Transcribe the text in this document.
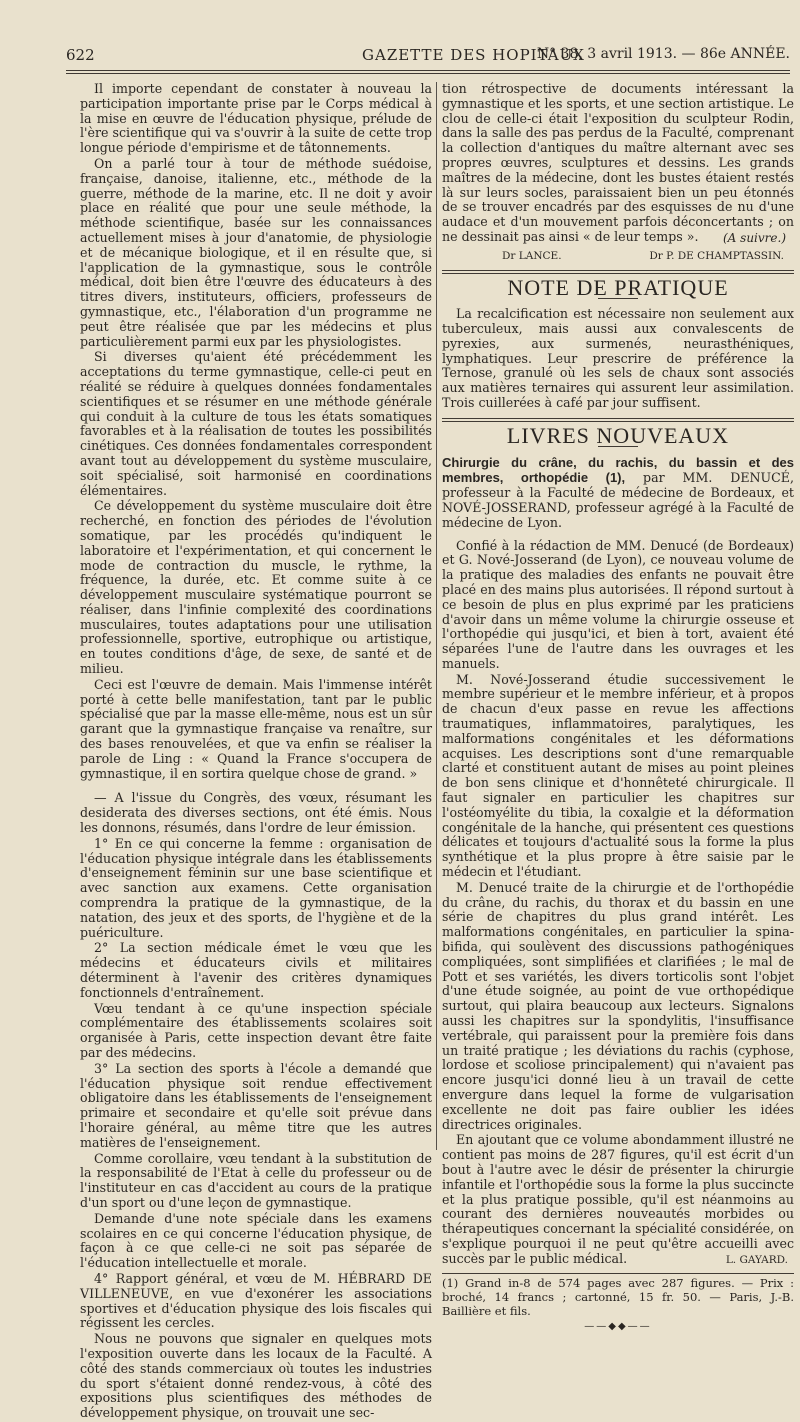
622	GAZETTE DES HOPITAUX
N° 38, 3 avril 1913. — 86e ANNÉE.

Il importe cependant de constater à nouveau la participation importante prise par le Corps médical à la mise en œuvre de l'éducation physique, prélude de l'ère scientifique qui va s'ouvrir à la suite de cette trop longue période d'empirisme et de tâtonnements.

On a parlé tour à tour de méthode suédoise, française, danoise, italienne, etc., méthode de la guerre, méthode de la marine, etc. Il ne doit y avoir place en réalité que pour une seule méthode, la méthode scientifique, basée sur les connaissances actuellement mises à jour d'anatomie, de physiologie et de mécanique biologique, et il en résulte que, si l'application de la gymnastique, sous le contrôle médical, doit bien être l'œuvre des éducateurs à des titres divers, instituteurs, officiers, professeurs de gymnastique, etc., l'élaboration d'un programme ne peut être réalisée que par les médecins et plus particulièrement parmi eux par les physiologistes.

Si diverses qu'aient été précédemment les acceptations du terme gymnastique, celle-ci peut en réalité se réduire à quelques données fondamentales scientifiques et se résumer en une méthode générale qui conduit à la culture de tous les états somatiques favorables et à la réalisation de toutes les possibilités cinétiques. Ces données fondamentales correspondent avant tout au développement du système musculaire, soit spécialisé, soit harmonisé en coordinations élémentaires.

Ce développement du système musculaire doit être recherché, en fonction des périodes de l'évolution somatique, par les procédés qu'indiquent le laboratoire et l'expérimentation, et qui concernent le mode de contraction du muscle, le rythme, la fréquence, la durée, etc. Et comme suite à ce développement musculaire systématique pourront se réaliser, dans l'infinie complexité des coordinations musculaires, toutes adaptations pour une utilisation professionnelle, sportive, eutrophique ou artistique, en toutes conditions d'âge, de sexe, de santé et de milieu.

Ceci est l'œuvre de demain. Mais l'immense intérêt porté à cette belle manifestation, tant par le public spécialisé que par la masse elle-même, nous est un sûr garant que la gymnastique française va renaître, sur des bases renouvelées, et que va enfin se réaliser la parole de Ling : « Quand la France s'occupera de gymnastique, il en sortira quelque chose de grand. »

— A l'issue du Congrès, des vœux, résumant les desiderata des diverses sections, ont été émis. Nous les donnons, résumés, dans l'ordre de leur émission.

1° En ce qui concerne la femme : organisation de l'éducation physique intégrale dans les établissements d'enseignement féminin sur une base scientifique et avec sanction aux examens. Cette organisation comprendra la pratique de la gymnastique, de la natation, des jeux et des sports, de l'hygiène et de la puériculture.

2° La section médicale émet le vœu que les médecins et éducateurs civils et militaires déterminent à l'avenir des critères dynamiques fonctionnels d'entraînement.

Vœu tendant à ce qu'une inspection spéciale complémentaire des établissements scolaires soit organisée à Paris, cette inspection devant être faite par des médecins.

3° La section des sports à l'école a demandé que l'éducation physique soit rendue effectivement obligatoire dans les établissements de l'enseignement primaire et secondaire et qu'elle soit prévue dans l'horaire général, au même titre que les autres matières de l'enseignement.

Comme corollaire, vœu tendant à la substitution de la responsabilité de l'Etat à celle du professeur ou de l'instituteur en cas d'accident au cours de la pratique d'un sport ou d'une leçon de gymnastique.

Demande d'une note spéciale dans les examens scolaires en ce qui concerne l'éducation physique, de façon à ce que celle-ci ne soit pas séparée de l'éducation intellectuelle et morale.

4° Rapport général, et vœu de M. HÉBRARD DE VILLENEUVE, en vue d'exonérer les associations sportives et d'éducation physique des lois fiscales qui régissent les cercles.

Nous ne pouvons que signaler en quelques mots l'exposition ouverte dans les locaux de la Faculté. A côté des stands commerciaux où toutes les industries du sport s'étaient donné rendez-vous, à côté des expositions plus scientifiques des méthodes de développement physique, on trouvait une sec-

tion rétrospective de documents intéressant la gymnastique et les sports, et une section artistique. Le clou de celle-ci était l'exposition du sculpteur Rodin, dans la salle des pas perdus de la Faculté, comprenant la collection d'antiques du maître alternant avec ses propres œuvres, sculptures et dessins. Les grands maîtres de la médecine, dont les bustes étaient restés là sur leurs socles, paraissaient bien un peu étonnés de se trouver encadrés par des esquisses de nu d'une audace et d'un mouvement parfois déconcertants ; on ne dessinait pas ainsi « de leur temps ».	(A suivre.)
Dr LANCE.	Dr P. DE CHAMPTASSIN.
NOTE DE PRATIQUE

La recalcification est nécessaire non seulement aux tuberculeux, mais aussi aux convalescents de pyrexies, aux surmenés, neurasthéniques, lymphatiques. Leur prescrire de préférence la Ternose, granulé où les sels de chaux sont associés aux matières ternaires qui assurent leur assimilation. Trois cuillerées à café par jour suffisent.

LIVRES NOUVEAUX
Chirurgie du crâne, du rachis, du bassin et des membres, orthopédie (1), par MM. DENUCÉ, professeur à la Faculté de médecine de Bordeaux, et NOVÉ-JOSSERAND, professeur agrégé à la Faculté de médecine de Lyon.

Confié à la rédaction de MM. Denucé (de Bordeaux) et G. Nové-Josserand (de Lyon), ce nouveau volume de la pratique des maladies des enfants ne pouvait être placé en des mains plus autorisées. Il répond surtout à ce besoin de plus en plus exprimé par les praticiens d'avoir dans un même volume la chirurgie osseuse et l'orthopédie qui jusqu'ici, et bien à tort, avaient été séparées l'une de l'autre dans les ouvrages et les manuels.

M. Nové-Josserand étudie successivement le membre supérieur et le membre inférieur, et à propos de chacun d'eux passe en revue les affections traumatiques, inflammatoires, paralytiques, les malformations congénitales et les déformations acquises. Les descriptions sont d'une remarquable clarté et constituent autant de mises au point pleines de bon sens clinique et d'honnêteté chirurgicale. Il faut signaler en particulier les chapitres sur l'ostéomyélite du tibia, la coxalgie et la déformation congénitale de la hanche, qui présentent ces questions délicates et toujours d'actualité sous la forme la plus synthétique et la plus propre à être saisie par le médecin et l'étudiant.

M. Denucé traite de la chirurgie et de l'orthopédie du crâne, du rachis, du thorax et du bassin en une série de chapitres du plus grand intérêt. Les malformations congénitales, en particulier la spina-bifida, qui soulèvent des discussions pathogéniques compliquées, sont simplifiées et clarifiées ; le mal de Pott et ses variétés, les divers torticolis sont l'objet d'une étude soignée, au point de vue orthopédique surtout, qui plaira beaucoup aux lecteurs. Signalons aussi les chapitres sur la spondylitis, l'insuffisance vertébrale, qui paraissent pour la première fois dans un traité pratique ; les déviations du rachis (cyphose, lordose et scoliose principalement) qui n'avaient pas encore jusqu'ici donné lieu à un travail de cette envergure dans lequel la forme de vulgarisation excellente ne doit pas faire oublier les idées directrices originales.

En ajoutant que ce volume abondamment illustré ne contient pas moins de 287 figures, qu'il est écrit d'un bout à l'autre avec le désir de présenter la chirurgie infantile et l'orthopédie sous la forme la plus succincte et la plus pratique possible, qu'il est néanmoins au courant des dernières nouveautés morbides ou thérapeutiques concernant la spécialité considérée, on s'explique pourquoi il ne peut qu'être accueilli avec succès par le public médical.	L. GAYARD.
(1) Grand in-8 de 574 pages avec 287 figures. — Prix : broché, 14 francs ; cartonné, 15 fr. 50. — Paris, J.-B. Baillière et fils.
——◆◆——
